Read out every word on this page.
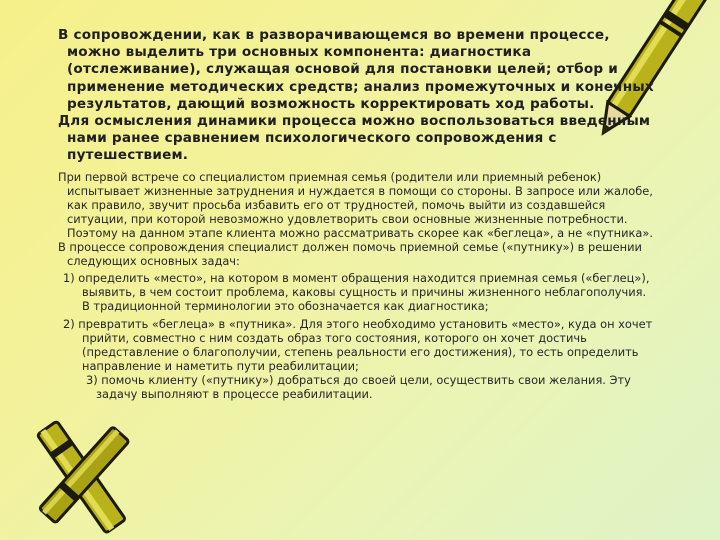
В сопровождении, как в разворачивающемся во времени процессе, можно выделить три основных компонента: диагностика (отслеживание), служащая основой для постановки целей; отбор и применение методических средств; анализ промежуточных и конечных результатов, дающий возможность корректировать ход работы.

Для осмысления динамики процесса можно воспользоваться введенным нами ранее сравнением психологического сопровождения с путешествием.

При первой встрече со специалистом приемная семья (родители или приемный ребенок) испытывает жизненные затруднения и нуждается в помощи со стороны. В запросе или жалобе, как правило, звучит просьба избавить его от трудностей, помочь выйти из создавшейся ситуации, при которой невозможно удовлетворить свои основные жизненные потребности. Поэтому на данном этапе клиента можно рассматривать скорее как «беглеца», а не «путника».

В процессе сопровождения специалист должен помочь приемной семье («путнику») в решении следующих основных задач:

1) определить «место», на котором в момент обращения находится приемная семья («беглец»), выявить, в чем состоит проблема, каковы сущность и причины жизненного неблагополучия. В традиционной терминологии это обозначается как диагностика;

2) превратить «беглеца» в «путника». Для этого необходимо установить «место», куда он хочет прийти, совместно с ним создать образ того состояния, которого он хочет достичь (представление о благополучии, степень реальности его достижения), то есть определить направление и наметить пути реабилитации;

3) помочь клиенту («путнику») добраться до своей цели, осуществить свои желания. Эту задачу выполняют в процессе реабилитации.
